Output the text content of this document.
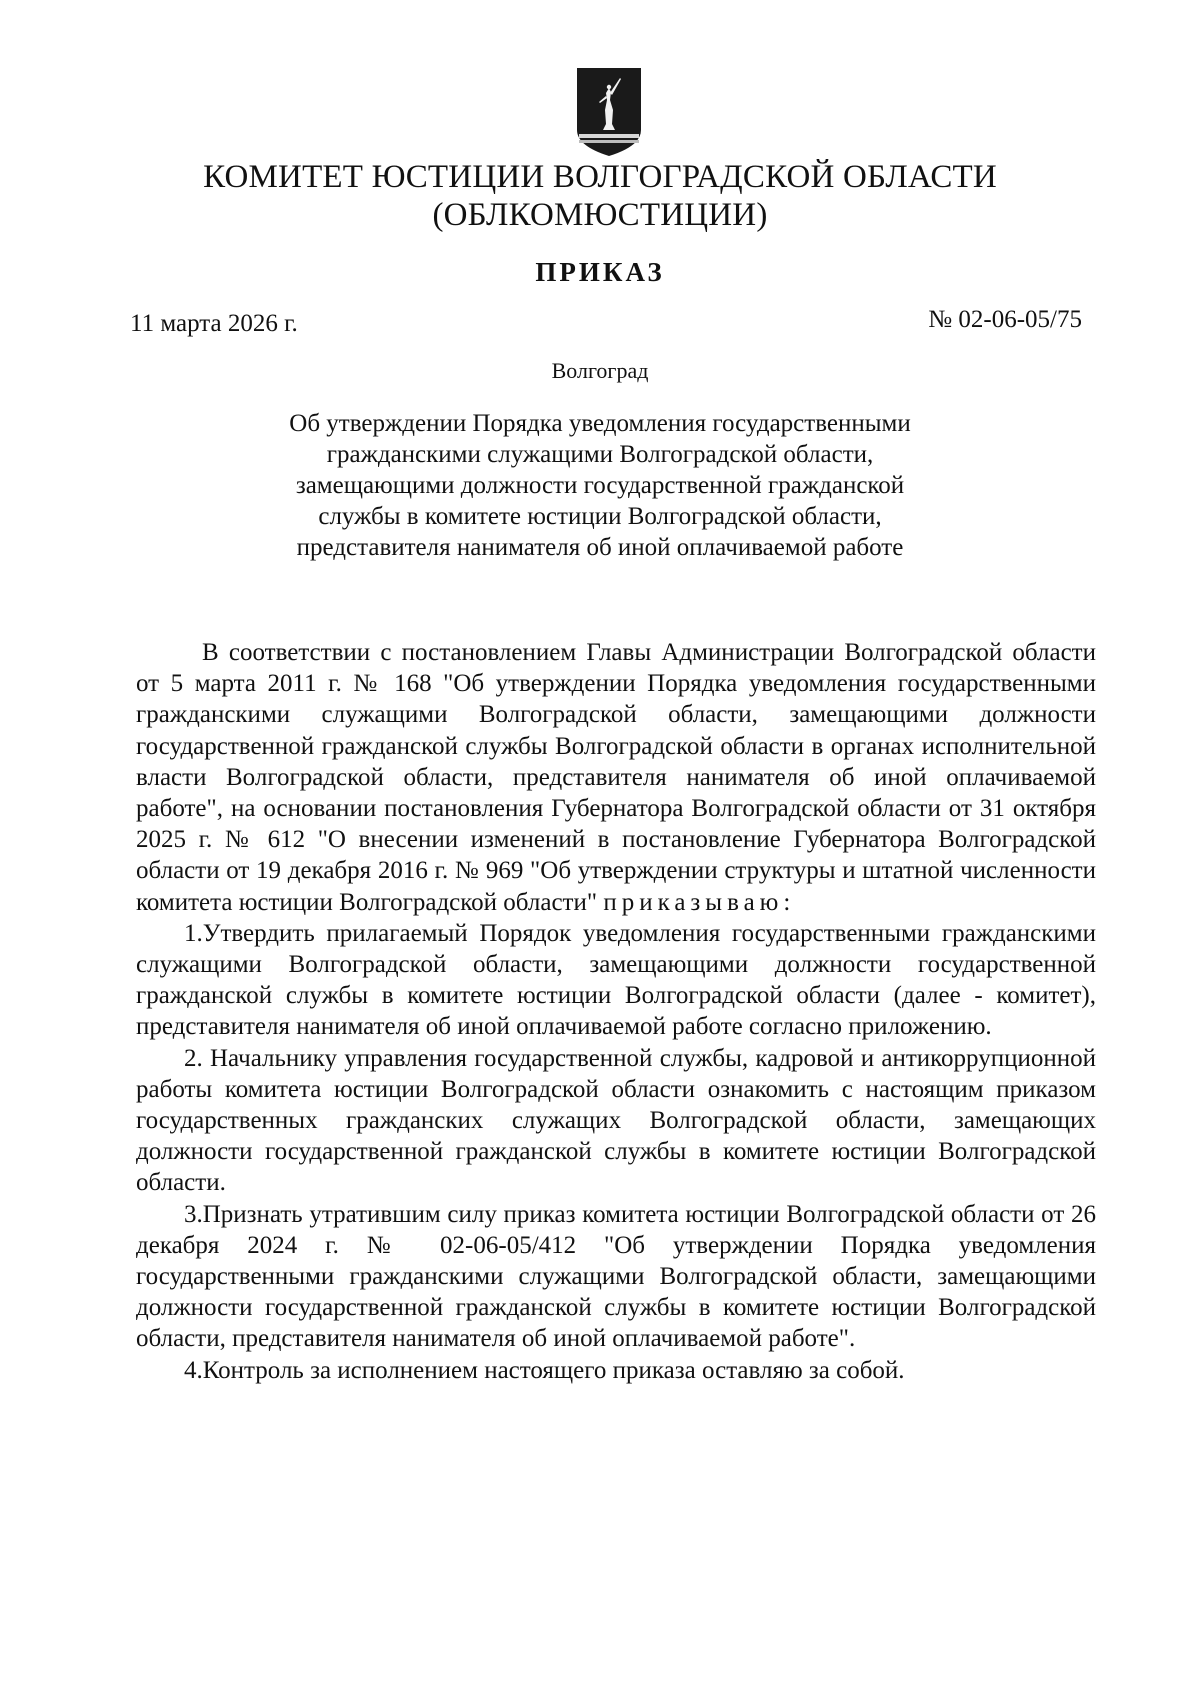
КОМИТЕТ ЮСТИЦИИ ВОЛГОГРАДСКОЙ ОБЛАСТИ
(ОБЛКОМЮСТИЦИИ)
ПРИКАЗ
11 марта 2026 г.	№ 02-06-05/75
Волгоград
Об утверждении Порядка уведомления государственными
гражданскими служащими Волгоградской области,
замещающими должности государственной гражданской
службы в комитете юстиции Волгоградской области,
представителя нанимателя об иной оплачиваемой работе
В соответствии с постановлением Главы Администрации Волгоградской области от 5 марта 2011 г. № 168 "Об утверждении Порядка уведомления государственными гражданскими служащими Волгоградской области, замещающими должности государственной гражданской службы Волгоградской области в органах исполнительной власти Волгоградской области, представителя нанимателя об иной оплачиваемой работе", на основании постановления Губернатора Волгоградской области от 31 октября 2025 г. № 612 "О внесении изменений в постановление Губернатора Волгоградской области от 19 декабря 2016 г. № 969 "Об утверждении структуры и штатной численности комитета юстиции Волгоградской области" приказываю:
1.Утвердить прилагаемый Порядок уведомления государственными гражданскими служащими Волгоградской области, замещающими должности государственной гражданской службы в комитете юстиции Волгоградской области (далее - комитет), представителя нанимателя об иной оплачиваемой работе согласно приложению.
2. Начальнику управления государственной службы, кадровой и антикоррупционной работы комитета юстиции Волгоградской области ознакомить с настоящим приказом государственных гражданских служащих Волгоградской области, замещающих должности государственной гражданской службы в комитете юстиции Волгоградской области.
3.Признать утратившим силу приказ комитета юстиции Волгоградской области от 26 декабря 2024 г. № 02-06-05/412 "Об утверждении Порядка уведомления государственными гражданскими служащими Волгоградской области, замещающими должности государственной гражданской службы в комитете юстиции Волгоградской области, представителя нанимателя об иной оплачиваемой работе".
4.Контроль за исполнением настоящего приказа оставляю за собой.
